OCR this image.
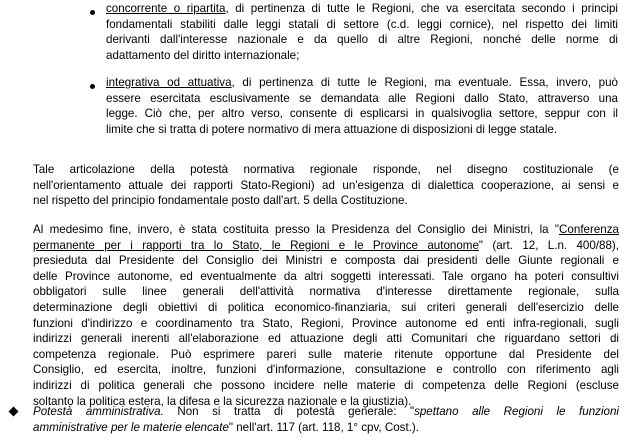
concorrente o ripartita, di pertinenza di tutte le Regioni, che va esercitata secondo i principi
fondamentali stabiliti dalle leggi statali di settore (c.d. leggi cornice), nel rispetto dei limiti
derivanti dall'interesse nazionale e da quello di altre Regioni, nonché delle norme di
adattamento del diritto internazionale;
integrativa od attuativa, di pertinenza di tutte le Regioni, ma eventuale. Essa, invero, può
essere esercitata esclusivamente se demandata alle Regioni dallo Stato, attraverso una
legge. Ciò che, per altro verso, consente di esplicarsi in qualsivoglia settore, seppur con il
limite che si tratta di potere normativo di mera attuazione di disposizioni di legge statale.
Tale articolazione della potestà normativa regionale risponde, nel disegno costituzionale (e
nell'orientamento attuale dei rapporti Stato-Regioni) ad un'esigenza di dialettica cooperazione, ai sensi e
nel rispetto del principio fondamentale posto dall'art. 5 della Costituzione.
Al medesimo fine, invero, è stata costituita presso la Presidenza del Consiglio dei Ministri, la "Conferenza
permanente per i rapporti tra lo Stato, le Regioni e le Province autonome" (art. 12, L.n. 400/88),
presieduta dal Presidente del Consiglio dei Ministri e composta dai presidenti delle Giunte regionali e
delle Province autonome, ed eventualmente da altri soggetti interessati. Tale organo ha poteri consultivi
obbligatori sulle linee generali dell'attività normativa d'interesse direttamente regionale, sulla
determinazione degli obiettivi di politica economico-finanziaria, sui criteri generali dell'esercizio delle
funzioni d'indirizzo e coordinamento tra Stato, Regioni, Province autonome ed enti infra-regionali, sugli
indirizzi generali inerenti all'elaborazione ed attuazione degli atti Comunitari che riguardano settori di
competenza regionale. Può esprimere pareri sulle materie ritenute opportune dal Presidente del
Consiglio, ed esercita, inoltre, funzioni d'informazione, consultazione e controllo con riferimento agli
indirizzi di politica generali che possono incidere nelle materie di competenza delle Regioni (escluse
soltanto la politica estera, la difesa e la sicurezza nazionale e la giustizia).
Potestà amministrativa. Non si tratta di potestà generale: "spettano alle Regioni le funzioni
amministrative per le materie elencate" nell'art. 117 (art. 118, 1° cpv, Cost.).
